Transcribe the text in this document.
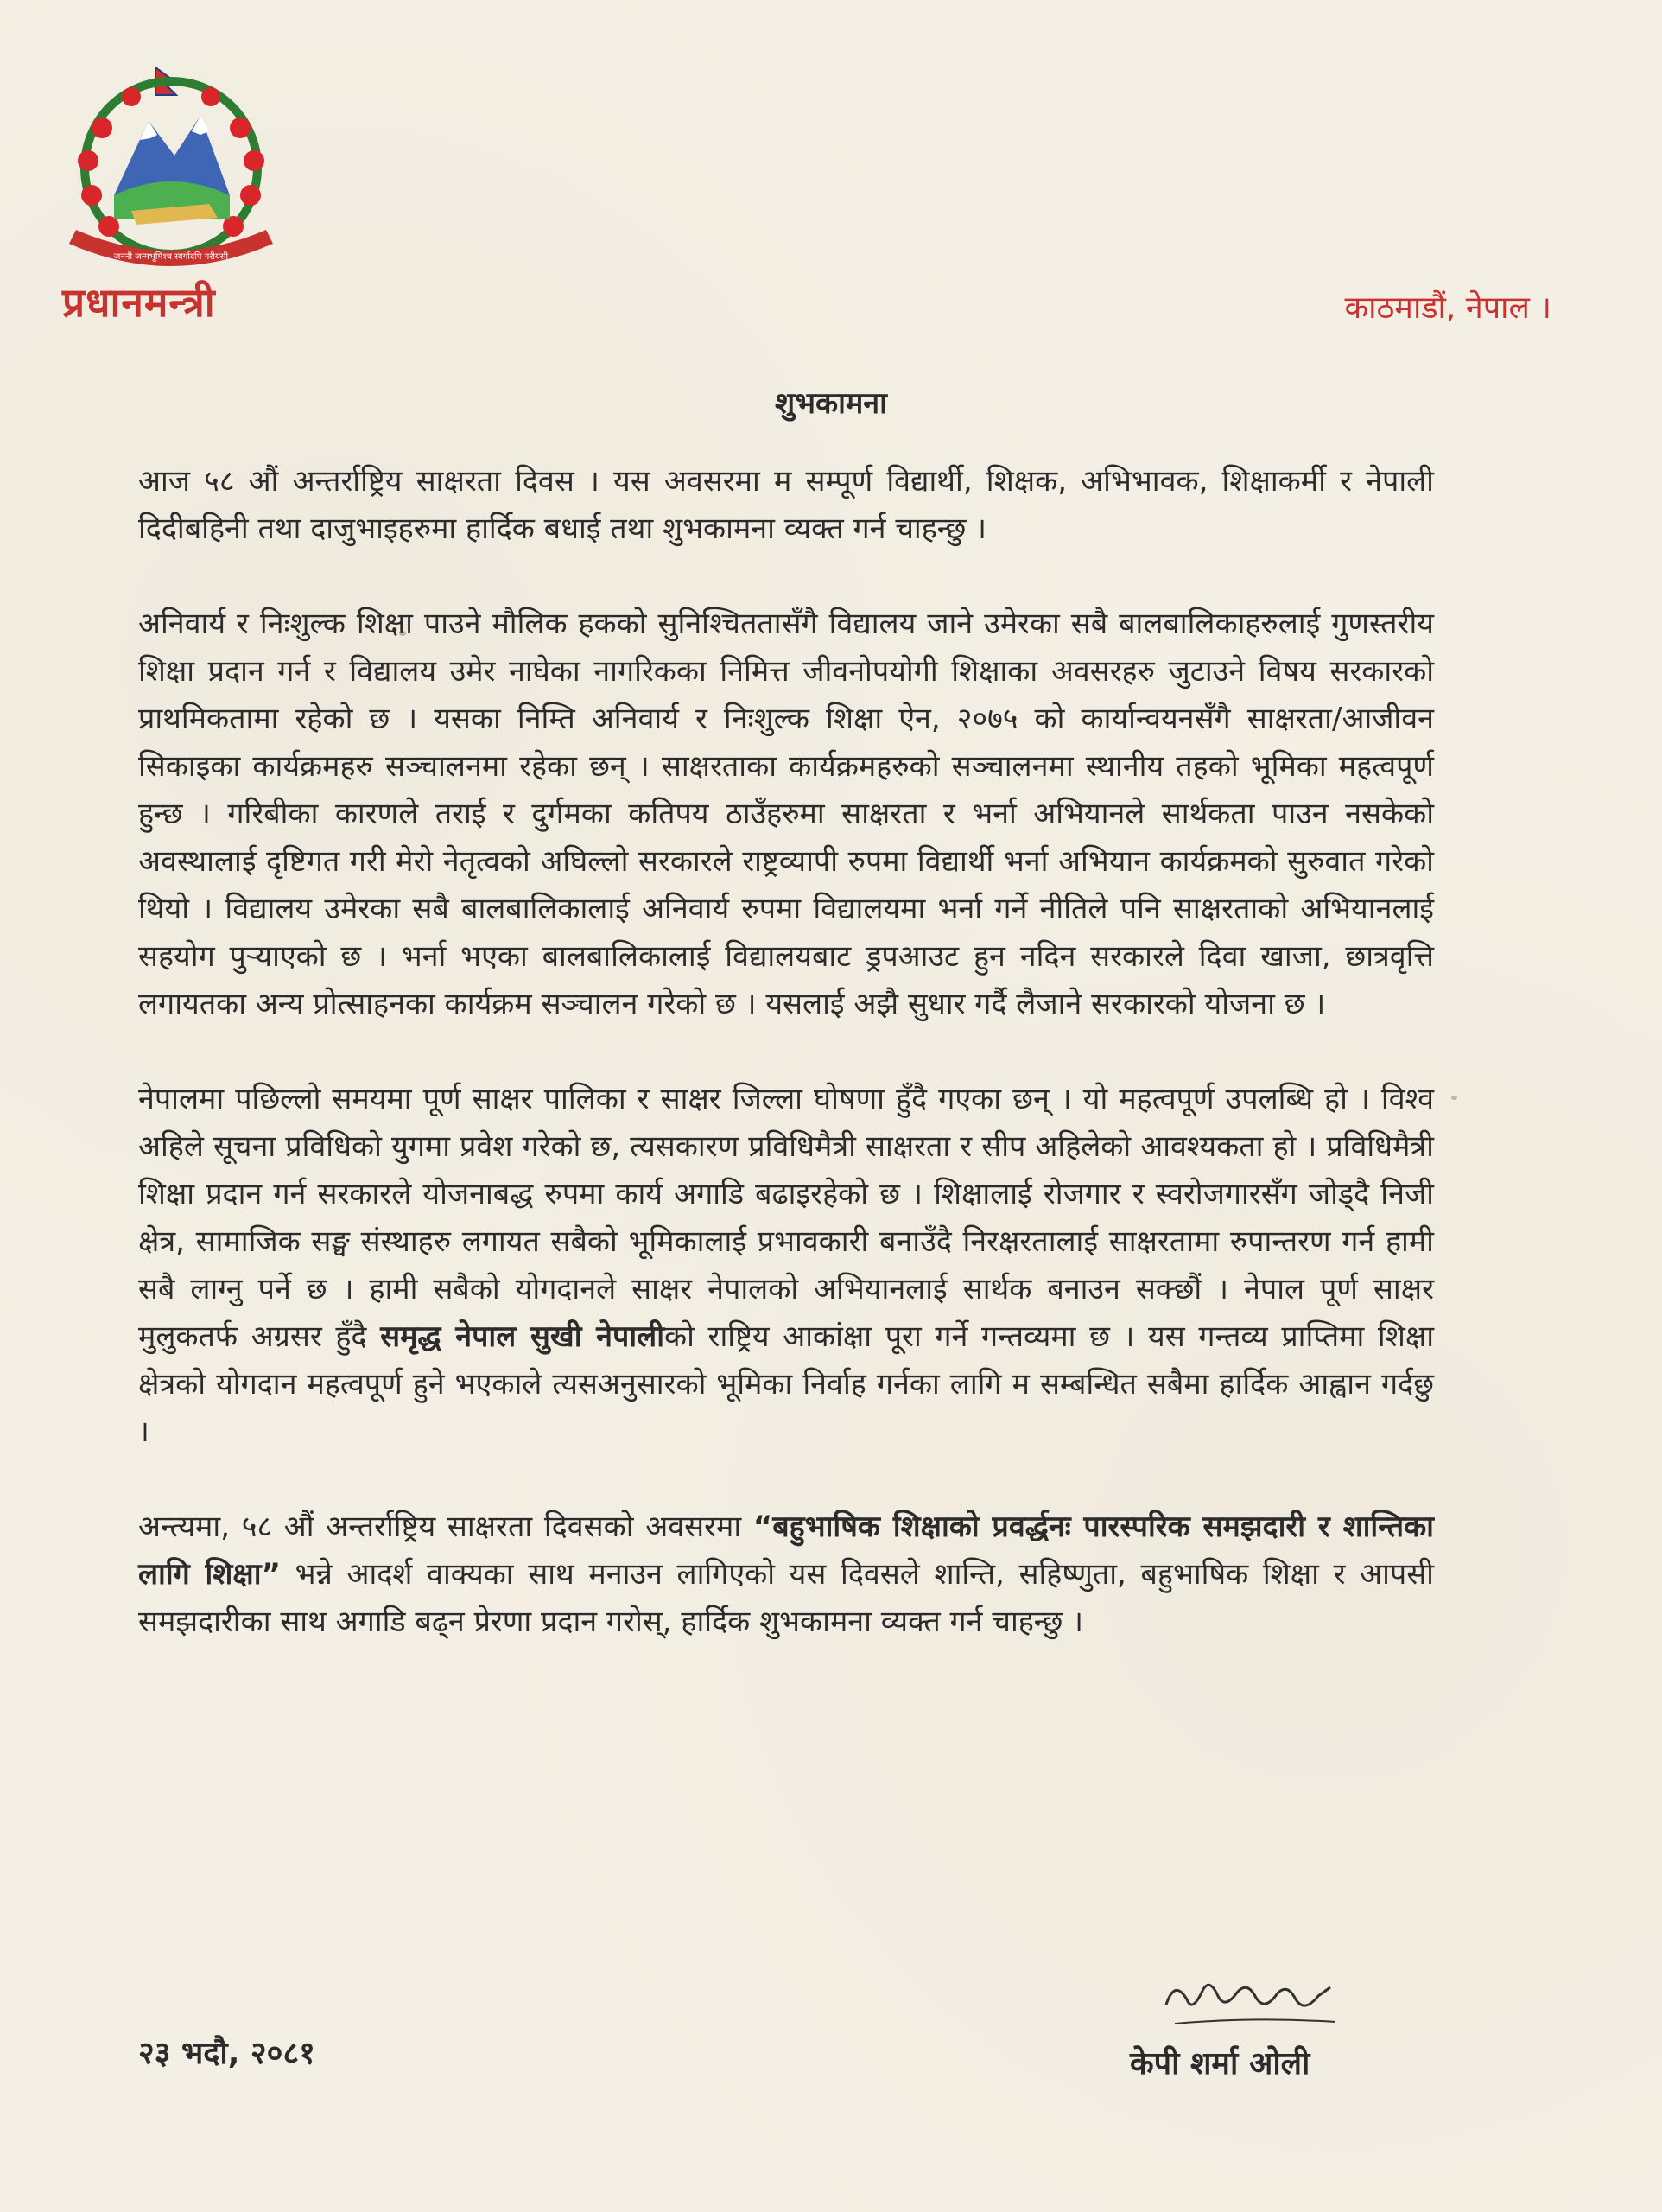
जननी जन्मभूमिश्च स्वर्गादपि गरीयसी
प्रधानमन्त्री	काठमाडौं, नेपाल ।
शुभकामना

आज ५८ औं अन्तर्राष्ट्रिय साक्षरता दिवस । यस अवसरमा म सम्पूर्ण विद्यार्थी, शिक्षक, अभिभावक, शिक्षाकर्मी र नेपाली दिदीबहिनी तथा दाजुभाइहरुमा हार्दिक बधाई तथा शुभकामना व्यक्त गर्न चाहन्छु ।

अनिवार्य र निःशुल्क शिक्षा पाउने मौलिक हकको सुनिश्चिततासँगै विद्यालय जाने उमेरका सबै बालबालिकाहरुलाई गुणस्तरीय शिक्षा प्रदान गर्न र विद्यालय उमेर नाघेका नागरिकका निमित्त जीवनोपयोगी शिक्षाका अवसरहरु जुटाउने विषय सरकारको प्राथमिकतामा रहेको छ । यसका निम्ति अनिवार्य र निःशुल्क शिक्षा ऐन, २०७५ को कार्यान्वयनसँगै साक्षरता/आजीवन सिकाइका कार्यक्रमहरु सञ्चालनमा रहेका छन् । साक्षरताका कार्यक्रमहरुको सञ्चालनमा स्थानीय तहको भूमिका महत्वपूर्ण हुन्छ । गरिबीका कारणले तराई र दुर्गमका कतिपय ठाउँहरुमा साक्षरता र भर्ना अभियानले सार्थकता पाउन नसकेको अवस्थालाई दृष्टिगत गरी मेरो नेतृत्वको अघिल्लो सरकारले राष्ट्रव्यापी रुपमा विद्यार्थी भर्ना अभियान कार्यक्रमको सुरुवात गरेको थियो । विद्यालय उमेरका सबै बालबालिकालाई अनिवार्य रुपमा विद्यालयमा भर्ना गर्ने नीतिले पनि साक्षरताको अभियानलाई सहयोग पुऱ्याएको छ । भर्ना भएका बालबालिकालाई विद्यालयबाट ड्रपआउट हुन नदिन सरकारले दिवा खाजा, छात्रवृत्ति लगायतका अन्य प्रोत्साहनका कार्यक्रम सञ्चालन गरेको छ । यसलाई अझै सुधार गर्दै लैजाने सरकारको योजना छ ।

नेपालमा पछिल्लो समयमा पूर्ण साक्षर पालिका र साक्षर जिल्ला घोषणा हुँदै गएका छन् । यो महत्वपूर्ण उपलब्धि हो । विश्व अहिले सूचना प्रविधिको युगमा प्रवेश गरेको छ, त्यसकारण प्रविधिमैत्री साक्षरता र सीप अहिलेको आवश्यकता हो । प्रविधिमैत्री शिक्षा प्रदान गर्न सरकारले योजनाबद्ध रुपमा कार्य अगाडि बढाइरहेको छ । शिक्षालाई रोजगार र स्वरोजगारसँग जोड्दै निजी क्षेत्र, सामाजिक सङ्घ संस्थाहरु लगायत सबैको भूमिकालाई प्रभावकारी बनाउँदै निरक्षरतालाई साक्षरतामा रुपान्तरण गर्न हामी सबै लाग्नु पर्ने छ । हामी सबैको योगदानले साक्षर नेपालको अभियानलाई सार्थक बनाउन सक्छौं । नेपाल पूर्ण साक्षर मुलुकतर्फ अग्रसर हुँदै समृद्ध नेपाल सुखी नेपालीको राष्ट्रिय आकांक्षा पूरा गर्ने गन्तव्यमा छ । यस गन्तव्य प्राप्तिमा शिक्षा क्षेत्रको योगदान महत्वपूर्ण हुने भएकाले त्यसअनुसारको भूमिका निर्वाह गर्नका लागि म सम्बन्धित सबैमा हार्दिक आह्वान गर्दछु ।

अन्त्यमा, ५८ औं अन्तर्राष्ट्रिय साक्षरता दिवसको अवसरमा “बहुभाषिक शिक्षाको प्रवर्द्धनः पारस्परिक समझदारी र शान्तिका लागि शिक्षा” भन्ने आदर्श वाक्यका साथ मनाउन लागिएको यस दिवसले शान्ति, सहिष्णुता, बहुभाषिक शिक्षा र आपसी समझदारीका साथ अगाडि बढ्न प्रेरणा प्रदान गरोस्, हार्दिक शुभकामना व्यक्त गर्न चाहन्छु ।

२३ भदौ, २०८१	केपी शर्मा ओली
